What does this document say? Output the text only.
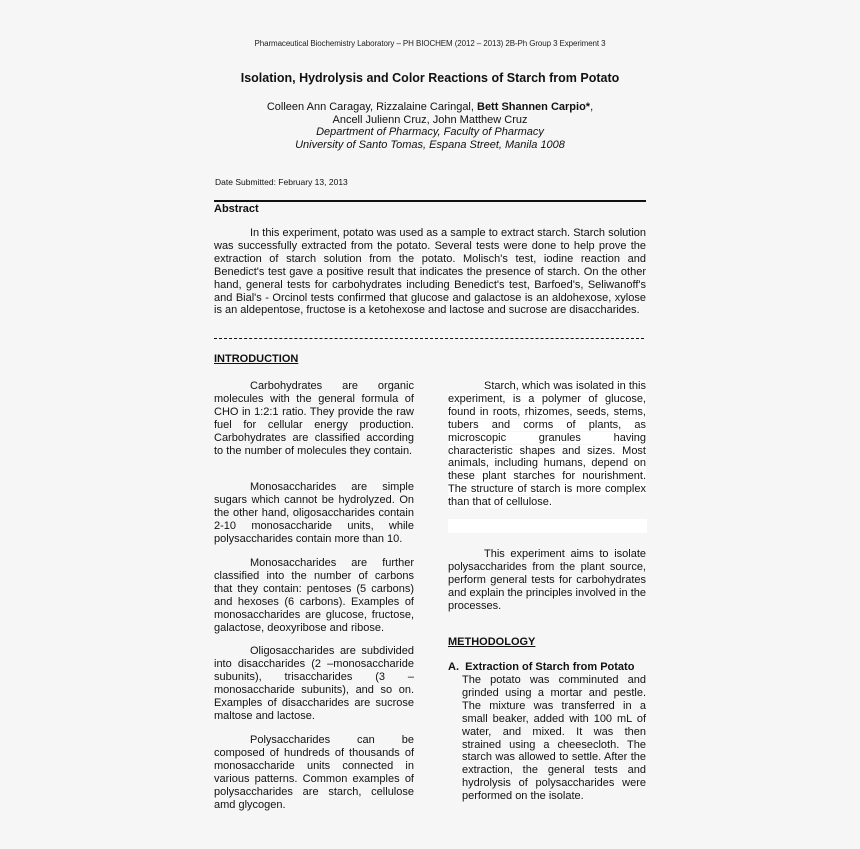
Pharmaceutical Biochemistry Laboratory – PH BIOCHEM (2012 – 2013) 2B-Ph Group 3 Experiment 3
Isolation, Hydrolysis and Color Reactions of Starch from Potato
Colleen Ann Caragay, Rizzalaine Caringal, Bett Shannen Carpio*,
Ancell Julienn Cruz, John Matthew Cruz
Department of Pharmacy, Faculty of Pharmacy
University of Santo Tomas, Espana Street, Manila 1008
Date Submitted: February 13, 2013
Abstract
In this experiment, potato was used as a sample to extract starch. Starch solution was successfully extracted from the potato. Several tests were done to help prove the extraction of starch solution from the potato. Molisch's test, iodine reaction and Benedict's test gave a positive result that indicates the presence of starch. On the other hand, general tests for carbohydrates including Benedict's test, Barfoed's, Seliwanoff's and Bial's - Orcinol tests confirmed that glucose and galactose is an aldohexose, xylose is an aldepentose, fructose is a ketohexose and lactose and sucrose are disaccharides.
INTRODUCTION
Carbohydrates are organic molecules with the general formula of CHO in 1:2:1 ratio. They provide the raw fuel for cellular energy production. Carbohydrates are classified according to the number of molecules they contain.
Monosaccharides are simple sugars which cannot be hydrolyzed. On the other hand, oligosaccharides contain 2-10 monosaccharide units, while polysaccharides contain more than 10.
Monosaccharides are further classified into the number of carbons that they contain: pentoses (5 carbons) and hexoses (6 carbons). Examples of monosaccharides are glucose, fructose, galactose, deoxyribose and ribose.
Oligosaccharides are subdivided into disaccharides (2 –monosaccharide subunits), trisaccharides (3 – monosaccharide subunits), and so on. Examples of disaccharides are sucrose maltose and lactose.
Polysaccharides can be composed of hundreds of thousands of monosaccharide units connected in various patterns. Common examples of polysaccharides are starch, cellulose amd glycogen.
Starch, which was isolated in this experiment, is a polymer of glucose, found in roots, rhizomes, seeds, stems, tubers and corms of plants, as microscopic granules having characteristic shapes and sizes. Most animals, including humans, depend on these plant starches for nourishment. The structure of starch is more complex than that of cellulose.
This experiment aims to isolate polysaccharides from the plant source, perform general tests for carbohydrates and explain the principles involved in the processes.
METHODOLOGY
A. Extraction of Starch from Potato
The potato was comminuted and grinded using a mortar and pestle. The mixture was transferred in a small beaker, added with 100 mL of water, and mixed. It was then strained using a cheesecloth. The starch was allowed to settle. After the extraction, the general tests and hydrolysis of polysaccharides were performed on the isolate.
